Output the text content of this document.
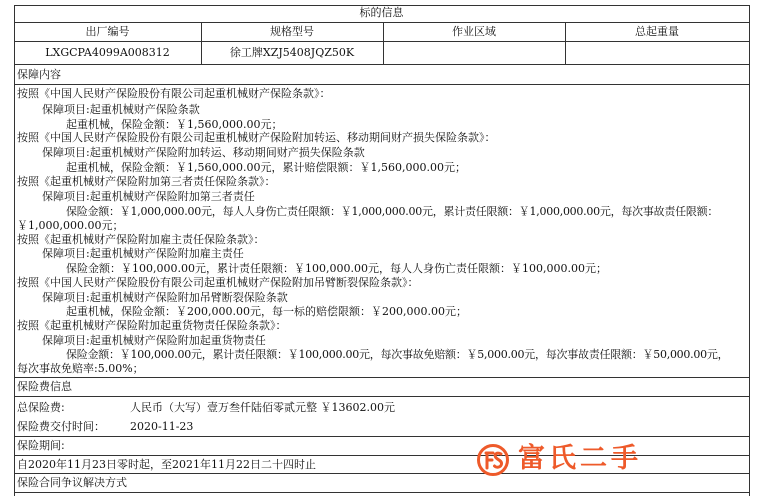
标的信息
出厂编号	规格型号	作业区域	总起重量
LXGCPA4099A008312	徐工牌XZJ5408JQZ50K
保障内容
按照《中国人民财产保险股份有限公司起重机械财产保险条款》：
保障项目:起重机械财产保险条款
起重机械，保险金额：￥1,560,000.00元；
按照《中国人民财产保险股份有限公司起重机械财产保险附加转运、移动期间财产损失保险条款》：
保障项目:起重机械财产保险附加转运、移动期间财产损失保险条款
起重机械，保险金额：￥1,560,000.00元，累计赔偿限额：￥1,560,000.00元；
按照《起重机械财产保险附加第三者责任保险条款》：
保障项目:起重机械财产保险附加第三者责任
保险金额：￥1,000,000.00元，每人人身伤亡责任限额：￥1,000,000.00元，累计责任限额：￥1,000,000.00元，每次事故责任限额：
￥1,000,000.00元；
按照《起重机械财产保险附加雇主责任保险条款》：
保障项目:起重机械财产保险附加雇主责任
保险金额：￥100,000.00元，累计责任限额：￥100,000.00元，每人人身伤亡责任限额：￥100,000.00元；
按照《中国人民财产保险股份有限公司起重机械财产保险附加吊臂断裂保险条款》：
保障项目:起重机械财产保险附加吊臂断裂保险条款
起重机械，保险金额：￥200,000.00元，每一标的赔偿限额：￥200,000.00元；
按照《起重机械财产保险附加起重货物责任保险条款》：
保障项目:起重机械财产保险附加起重货物责任
保险金额：￥100,000.00元，累计责任限额：￥100,000.00元，每次事故免赔额：￥5,000.00元，每次事故责任限额：￥50,000.00元，
每次事故免赔率:5.00%；
保险费信息
总保险费:	人民币（大写）壹万叁仟陆佰零贰元整 ￥13602.00元
保险费交付时间： 2020-11-23
保险期间:
自2020年11月23日零时起，至2021年11月22日二十四时止
保险合同争议解决方式
富氏二手
